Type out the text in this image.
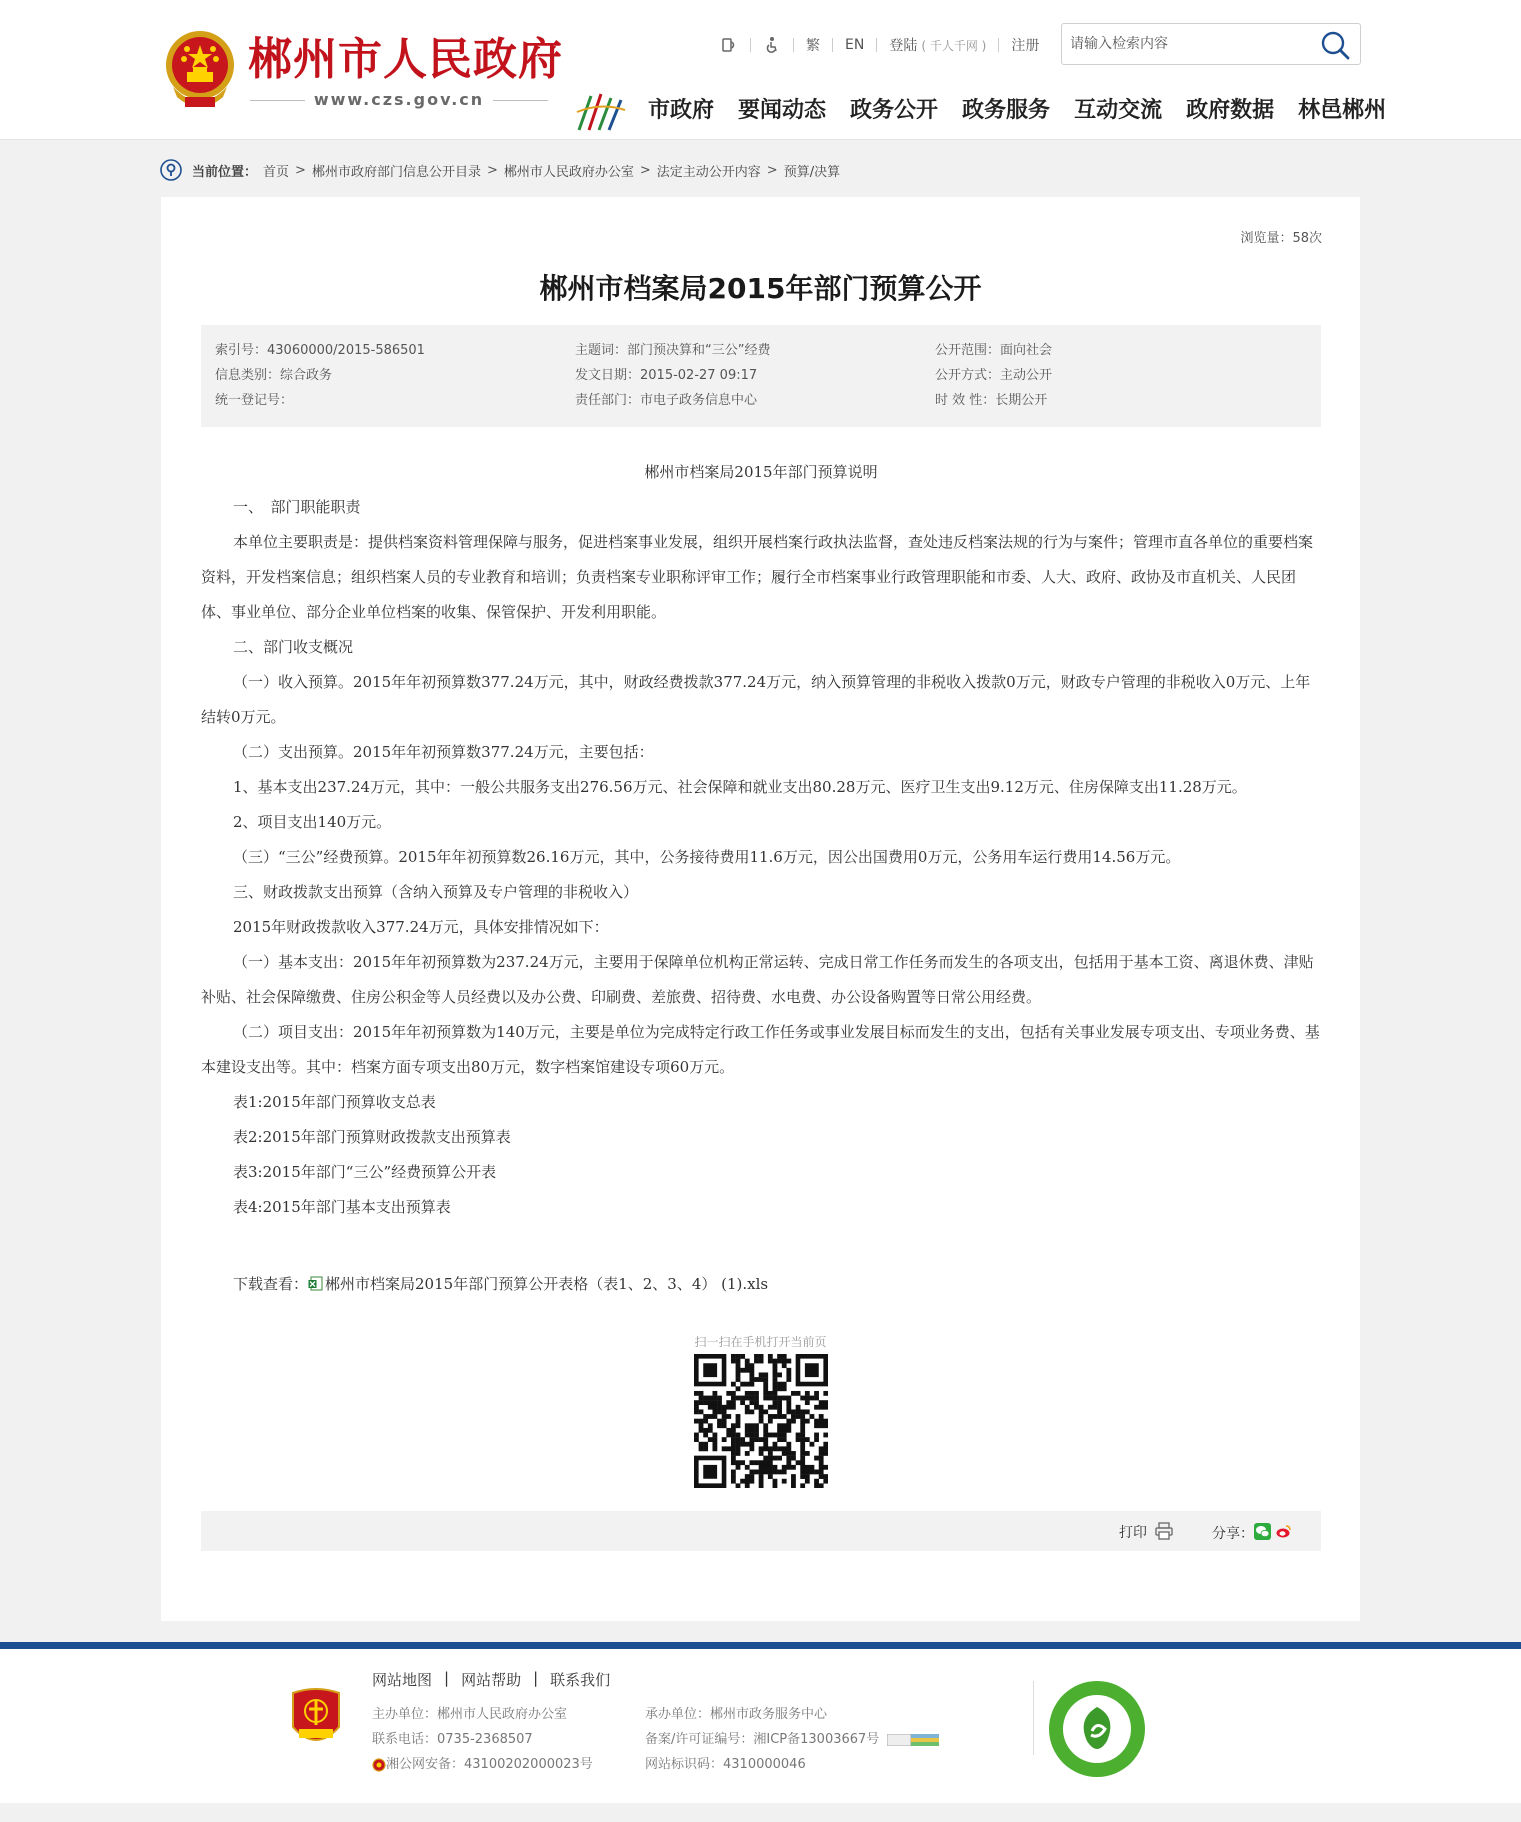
郴州市人民政府
www.czs.gov.cn
繁 EN 登陆 ( 千人千网 ) 注册
请输入检索内容
市政府 要闻动态 政务公开 政务服务 互动交流 政府数据 林邑郴州
当前位置： 首页 > 郴州市政府部门信息公开目录 > 郴州市人民政府办公室 > 法定主动公开内容 > 预算/决算
浏览量：58次
郴州市档案局2015年部门预算公开
索引号：43060000/2015-586501
信息类别：综合政务
统一登记号：
主题词：部门预决算和“三公”经费
发文日期：2015-02-27 09:17
责任部门：市电子政务信息中心
公开范围：面向社会
公开方式：主动公开
时 效 性：长期公开

郴州市档案局2015年部门预算说明

一、　部门职能职责

本单位主要职责是：提供档案资料管理保障与服务，促进档案事业发展，组织开展档案行政执法监督，查处违反档案法规的行为与案件；管理市直各单位的重要档案资料，开发档案信息；组织档案人员的专业教育和培训；负责档案专业职称评审工作；履行全市档案事业行政管理职能和市委、人大、政府、政协及市直机关、人民团体、事业单位、部分企业单位档案的收集、保管保护、开发利用职能。

二、部门收支概况

（一）收入预算。2015年年初预算数377.24万元，其中，财政经费拨款377.24万元，纳入预算管理的非税收入拨款0万元，财政专户管理的非税收入0万元、上年结转0万元。

（二）支出预算。2015年年初预算数377.24万元，主要包括：

1、基本支出237.24万元，其中：一般公共服务支出276.56万元、社会保障和就业支出80.28万元、医疗卫生支出9.12万元、住房保障支出11.28万元。

2、项目支出140万元。

（三）“三公”经费预算。2015年年初预算数26.16万元，其中，公务接待费用11.6万元，因公出国费用0万元，公务用车运行费用14.56万元。

三、财政拨款支出预算（含纳入预算及专户管理的非税收入）

2015年财政拨款收入377.24万元，具体安排情况如下：

（一）基本支出：2015年年初预算数为237.24万元，主要用于保障单位机构正常运转、完成日常工作任务而发生的各项支出，包括用于基本工资、离退休费、津贴补贴、社会保障缴费、住房公积金等人员经费以及办公费、印刷费、差旅费、招待费、水电费、办公设备购置等日常公用经费。

（二）项目支出：2015年年初预算数为140万元，主要是单位为完成特定行政工作任务或事业发展目标而发生的支出，包括有关事业发展专项支出、专项业务费、基本建设支出等。其中：档案方面专项支出80万元，数字档案馆建设专项60万元。

表1:2015年部门预算收支总表

表2:2015年部门预算财政拨款支出预算表

表3:2015年部门“三公”经费预算公开表

表4:2015年部门基本支出预算表

下载查看： 郴州市档案局2015年部门预算公开表格（表1、2、3、4） (1).xls
扫一扫在手机打开当前页
打印	分享：
网站地图 | 网站帮助 | 联系我们
主办单位：郴州市人民政府办公室
联系电话：0735-2368507
湘公网安备：43100202000023号
承办单位：郴州市政务服务中心
备案/许可证编号：湘ICP备13003667号
网站标识码：4310000046
